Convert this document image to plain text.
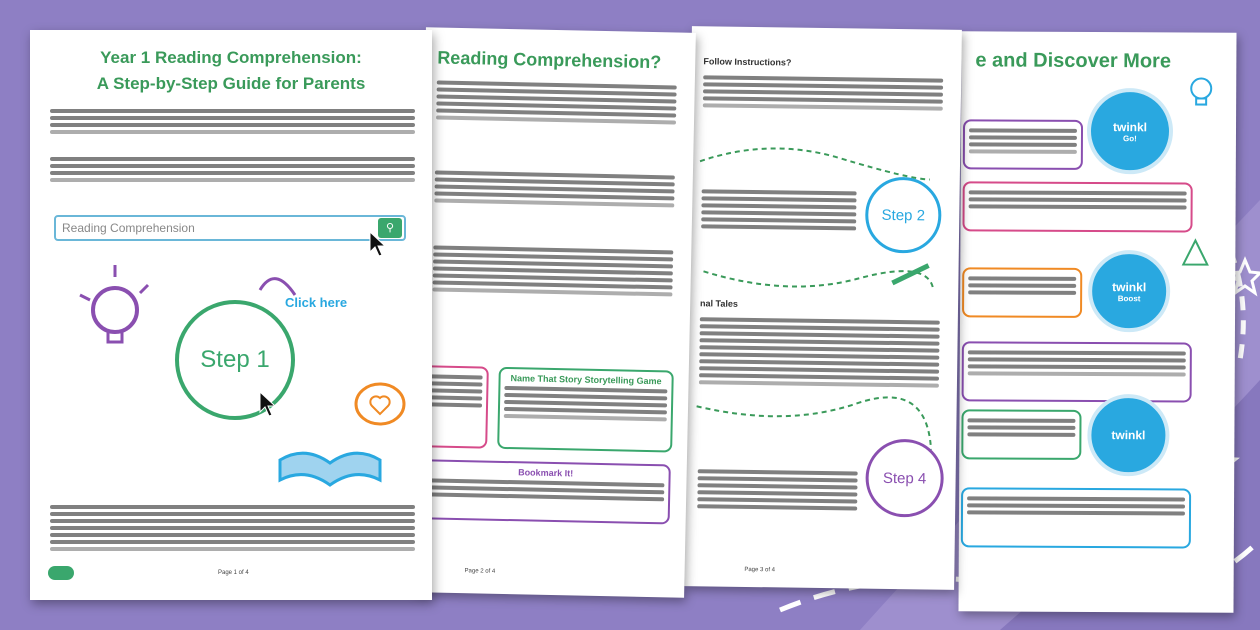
e and Discover More
twinkl
Go!
twinkl
Boost
twinkl
Follow Instructions?
Step 2
nal Tales
Step 4
Page 3 of 4
Reading Comprehension?
Name That Story Storytelling Game
Bookmark It!
Page 2 of 4
Year 1 Reading Comprehension:
A Step-by-Step Guide for Parents
Reading Comprehension	⚲
Click here
Step 1
Page 1 of 4
